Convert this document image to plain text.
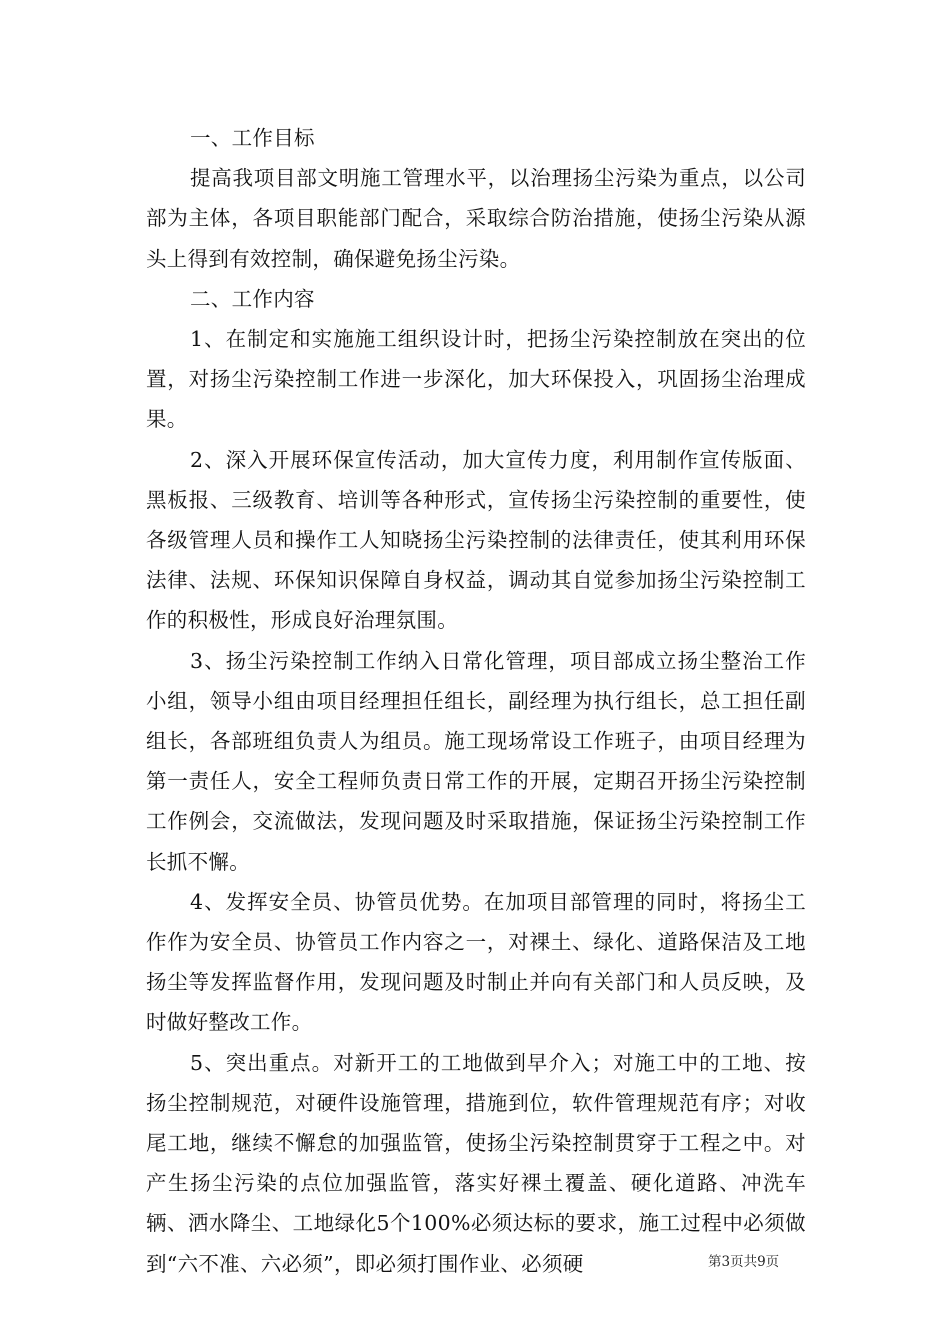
一、工作目标

提高我项目部文明施工管理水平，以治理扬尘污染为重点，以公司部为主体，各项目职能部门配合，采取综合防治措施，使扬尘污染从源头上得到有效控制，确保避免扬尘污染。

二、工作内容

1、在制定和实施施工组织设计时，把扬尘污染控制放在突出的位置，对扬尘污染控制工作进一步深化，加大环保投入，巩固扬尘治理成果。

2、深入开展环保宣传活动，加大宣传力度，利用制作宣传版面、黑板报、三级教育、培训等各种形式，宣传扬尘污染控制的重要性，使各级管理人员和操作工人知晓扬尘污染控制的法律责任，使其利用环保法律、法规、环保知识保障自身权益，调动其自觉参加扬尘污染控制工作的积极性，形成良好治理氛围。

3、扬尘污染控制工作纳入日常化管理，项目部成立扬尘整治工作小组，领导小组由项目经理担任组长，副经理为执行组长，总工担任副组长，各部班组负责人为组员。施工现场常设工作班子，由项目经理为第一责任人，安全工程师负责日常工作的开展，定期召开扬尘污染控制工作例会，交流做法，发现问题及时采取措施，保证扬尘污染控制工作长抓不懈。

4、发挥安全员、协管员优势。在加项目部管理的同时，将扬尘工作作为安全员、协管员工作内容之一，对裸土、绿化、道路保洁及工地扬尘等发挥监督作用，发现问题及时制止并向有关部门和人员反映，及时做好整改工作。

5、突出重点。对新开工的工地做到早介入；对施工中的工地、按扬尘控制规范，对硬件设施管理，措施到位，软件管理规范有序；对收尾工地，继续不懈怠的加强监管，使扬尘污染控制贯穿于工程之中。对产生扬尘污染的点位加强监管，落实好裸土覆盖、硬化道路、冲洗车辆、洒水降尘、工地绿化5个100%必须达标的要求，施工过程中必须做到“六不准、六必须”，即必须打围作业、必须硬	第3页共9页
